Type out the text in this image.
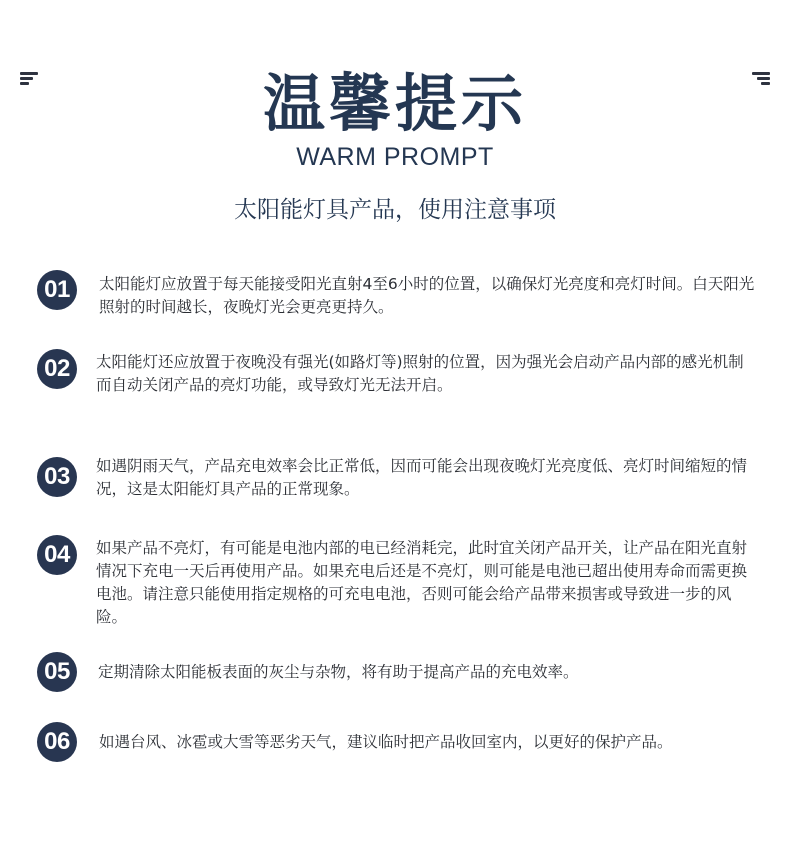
温馨提示
WARM PROMPT
太阳能灯具产品，使用注意事项
01	太阳能灯应放置于每天能接受阳光直射4至6小时的位置，以确保灯光亮度和亮灯时间。白天阳光照射的时间越长，夜晚灯光会更亮更持久。
02	太阳能灯还应放置于夜晚没有强光(如路灯等)照射的位置，因为强光会启动产品内部的感光机制而自动关闭产品的亮灯功能，或导致灯光无法开启。
03	如遇阴雨天气，产品充电效率会比正常低，因而可能会出现夜晚灯光亮度低、亮灯时间缩短的情况，这是太阳能灯具产品的正常现象。
04	如果产品不亮灯，有可能是电池内部的电已经消耗完，此时宜关闭产品开关，让产品在阳光直射情况下充电一天后再使用产品。如果充电后还是不亮灯，则可能是电池已超出使用寿命而需更换电池。请注意只能使用指定规格的可充电电池，否则可能会给产品带来损害或导致进一步的风险。
05	定期清除太阳能板表面的灰尘与杂物，将有助于提高产品的充电效率。
06	如遇台风、冰雹或大雪等恶劣天气，建议临时把产品收回室内，以更好的保护产品。
